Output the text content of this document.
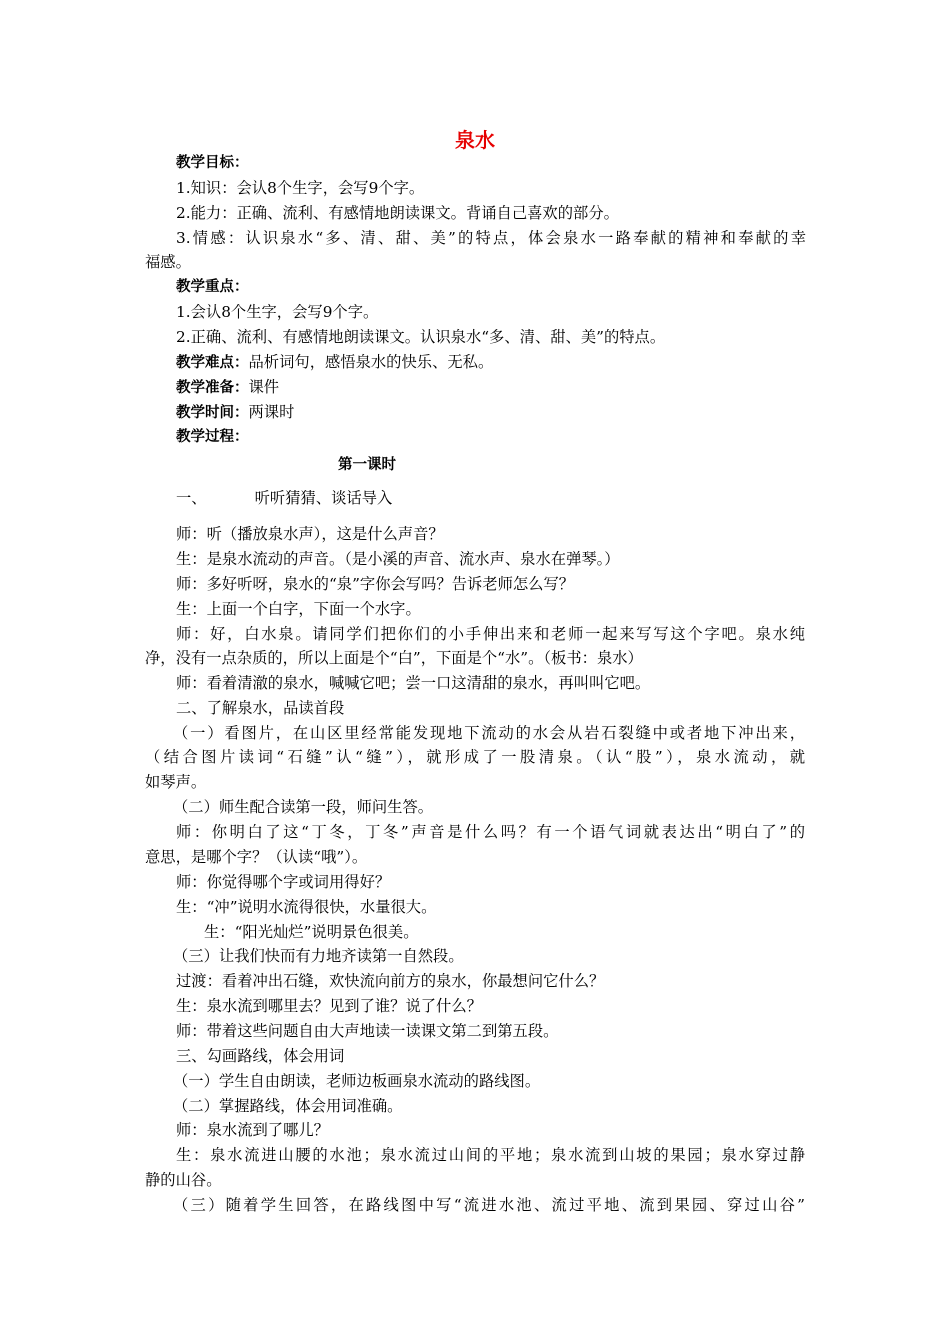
泉水
教学目标：
1.知识：会认8个生字，会写9个字。
2.能力：正确、流利、有感情地朗读课文。背诵自己喜欢的部分。
3.情感：认识泉水“多、清、甜、美”的特点，体会泉水一路奉献的精神和奉献的幸
福感。
教学重点：
1.会认8个生字，会写9个字。
2.正确、流利、有感情地朗读课文。认识泉水“多、清、甜、美”的特点。
教学难点：品析词句，感悟泉水的快乐、无私。
教学准备：课件
教学时间：两课时
教学过程：
第一课时
一、	听听猜猜、谈话导入
师：听（播放泉水声），这是什么声音？
生：是泉水流动的声音。（是小溪的声音、流水声、泉水在弹琴。）
师：多好听呀，泉水的“泉”字你会写吗？告诉老师怎么写？
生：上面一个白字，下面一个水字。
师：好，白水泉。请同学们把你们的小手伸出来和老师一起来写写这个字吧。泉水纯
净，没有一点杂质的，所以上面是个“白”，下面是个“水”。（板书：泉水）
师：看着清澈的泉水，喊喊它吧；尝一口这清甜的泉水，再叫叫它吧。
二、了解泉水，品读首段
（一）看图片，在山区里经常能发现地下流动的水会从岩石裂缝中或者地下冲出来，
（结合图片读词“石缝”认“缝”），就形成了一股清泉。（认“股”），泉水流动，就
如琴声。
（二）师生配合读第一段，师问生答。
师：你明白了这“丁冬，丁冬”声音是什么吗？有一个语气词就表达出“明白了”的
意思，是哪个字？（认读“哦”）。
师：你觉得哪个字或词用得好？
生：“冲”说明水流得很快，水量很大。
生：“阳光灿烂”说明景色很美。
（三）让我们快而有力地齐读第一自然段。
过渡：看着冲出石缝，欢快流向前方的泉水，你最想问它什么？
生：泉水流到哪里去？见到了谁？说了什么？
师：带着这些问题自由大声地读一读课文第二到第五段。
三、勾画路线，体会用词
（一）学生自由朗读，老师边板画泉水流动的路线图。
（二）掌握路线，体会用词准确。
师：泉水流到了哪儿？
生：泉水流进山腰的水池；泉水流过山间的平地；泉水流到山坡的果园；泉水穿过静
静的山谷。
（三）随着学生回答，在路线图中写“流进水池、流过平地、流到果园、穿过山谷”
